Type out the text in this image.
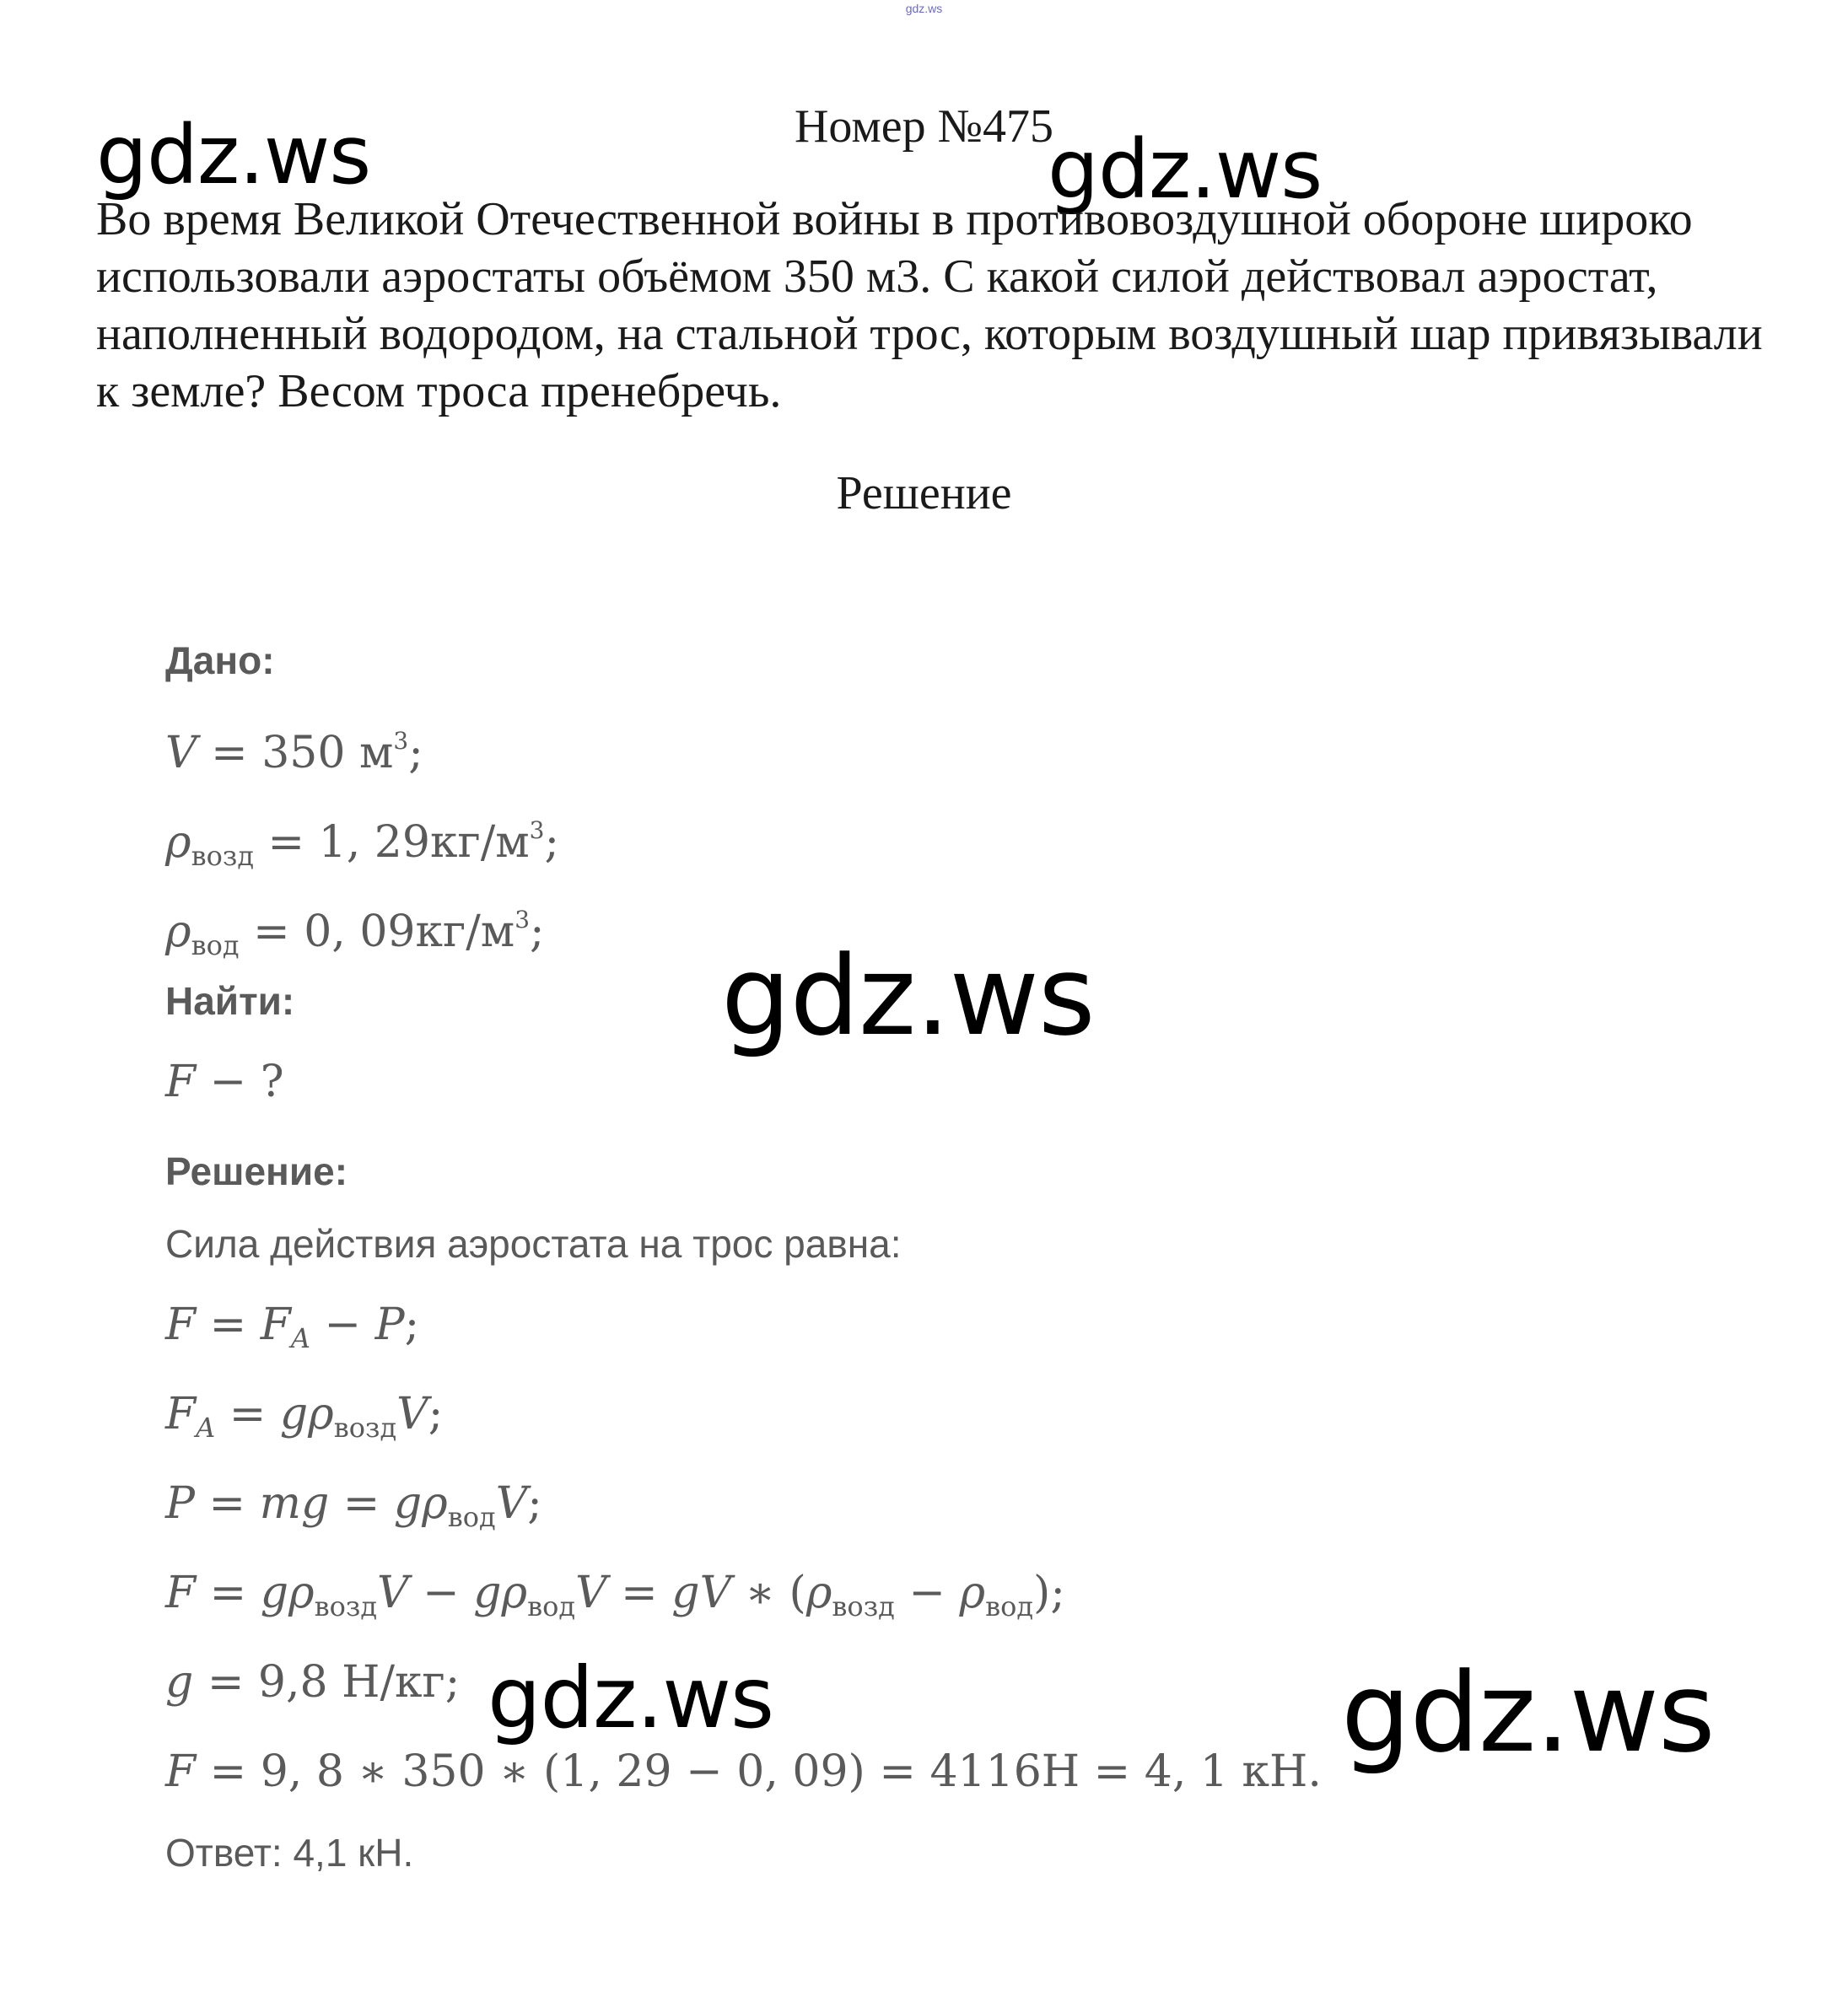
gdz.ws
Номер №475
gdz.ws	gdz.ws
Во время Великой Отечественной войны в противовоздушной обороне широко использовали аэростаты объёмом 350 м3. С какой силой действовал аэростат, наполненный водородом, на стальной трос, которым воздушный шар привязывали к земле? Весом троса пренебречь.
Решение
Дано:
V = 350 $м^3$;
$\rho_{возд} = 1$, $29кг/м^3$;
$\rho_{вод} = 0$, $09кг/м^3$;
Найти:
F − ?
Решение:
Сила действия аэростата на трос равна:
$F = F_A - P$;
$F_A = g\rho_{возд}V$;
P = mg = $g\rho_{вод}V$;
$F = g\rho_{возд}V - g\rho_{вод}V$ = gV ∗ $(\rho_{возд} - \rho_{вод})$;
g = 9,8 Н/кг;
F = 9, 8 ∗ 350 ∗ (1, 29 − 0, 09) = 4116Н = 4, 1 кН.
Ответ: 4,1 кН.
gdz.ws
gdz.ws	gdz.ws
